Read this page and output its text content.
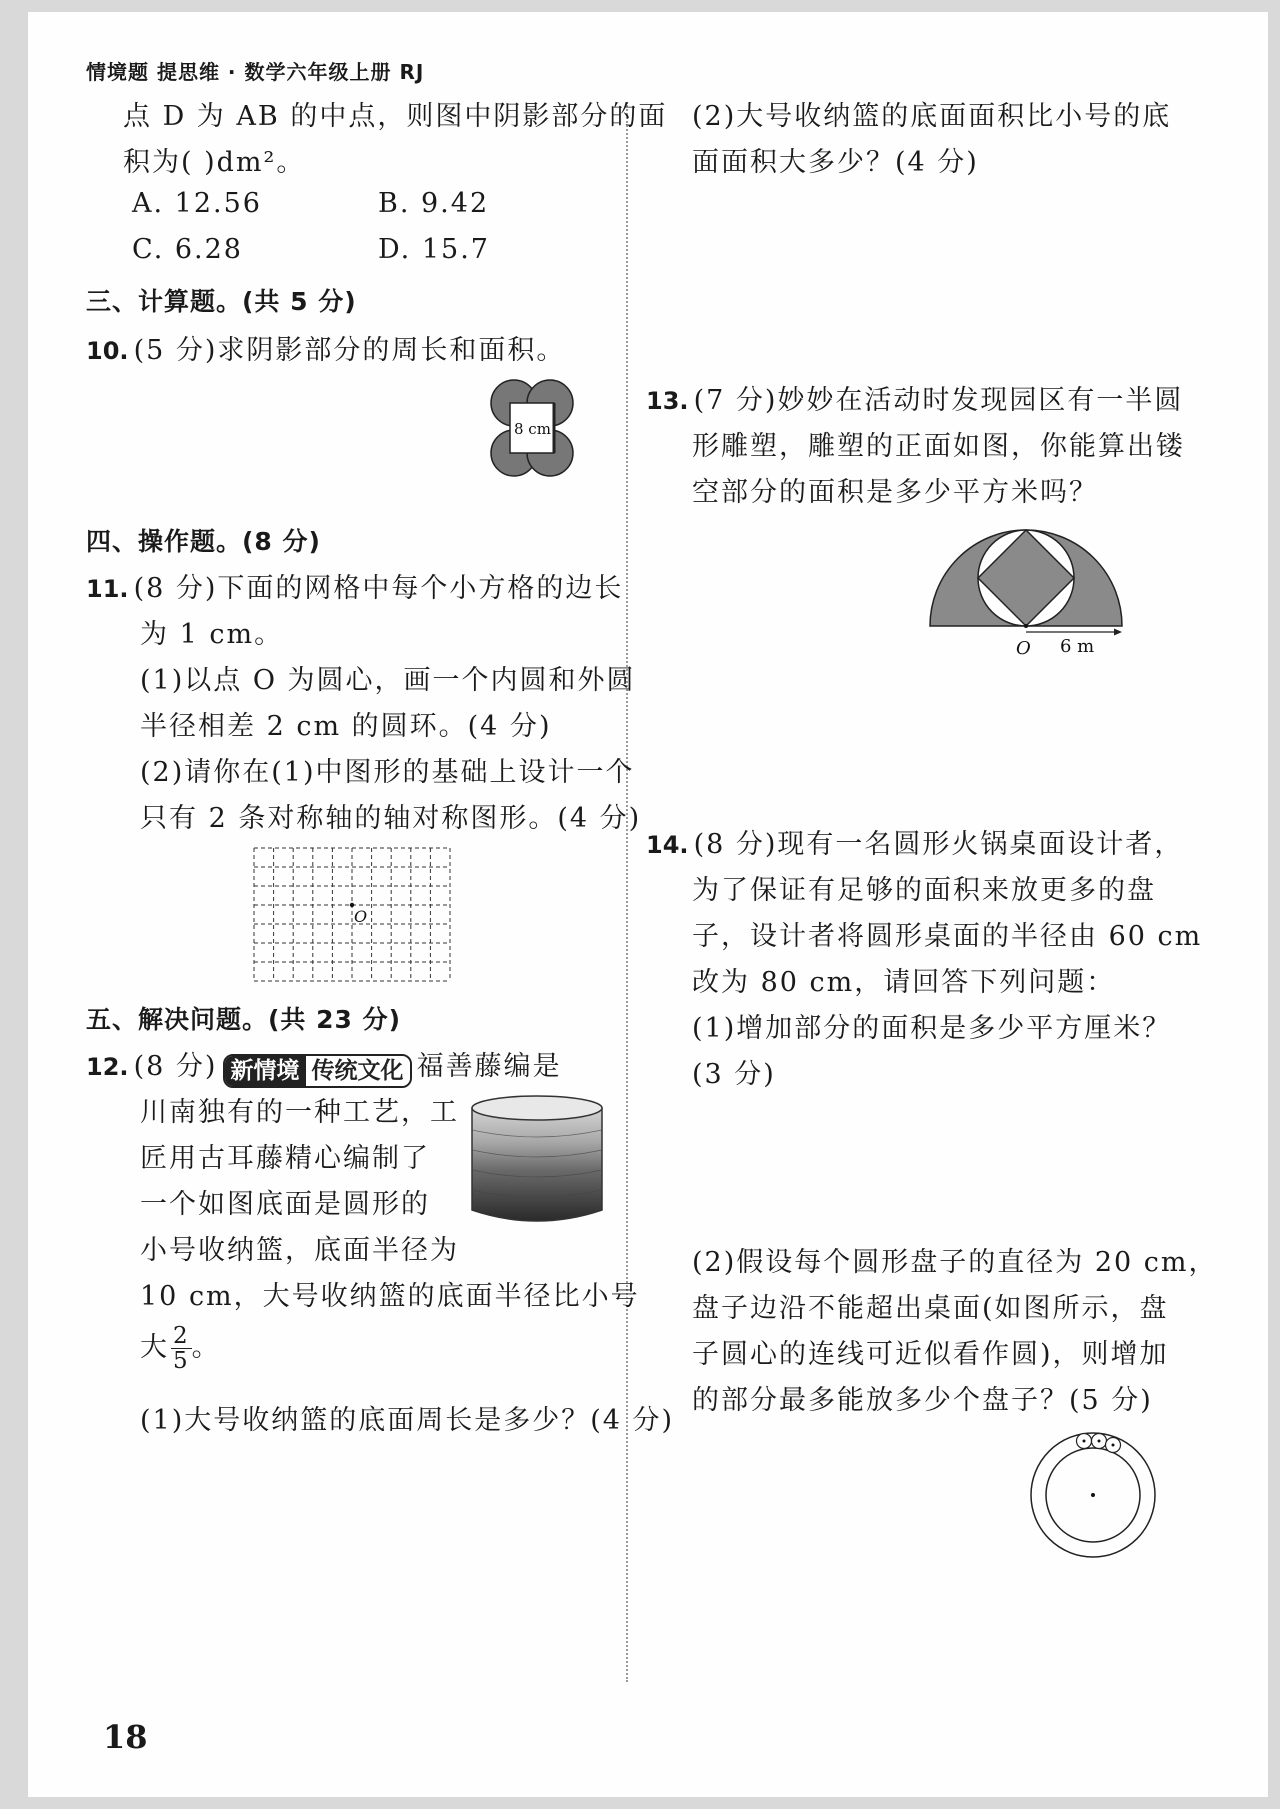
情境题 提思维 · 数学六年级上册 RJ
点 D 为 AB 的中点，则图中阴影部分的面
积为( )dm²。
A. 12.56	B. 9.42
C. 6.28	D. 15.7
三、计算题。(共 5 分)
10. (5 分)求阴影部分的周长和面积。
8 cm
四、操作题。(8 分)
11. (8 分)下面的网格中每个小方格的边长
为 1 cm。
(1)以点 O 为圆心，画一个内圆和外圆
半径相差 2 cm 的圆环。(4 分)
(2)请你在(1)中图形的基础上设计一个
只有 2 条对称轴的轴对称图形。(4 分)
O
五、解决问题。(共 23 分)
12. (8 分) 新情境 传统文化 福善藤编是
川南独有的一种工艺，工
匠用古耳藤精心编制了
一个如图底面是圆形的
小号收纳篮，底面半径为
10 cm，大号收纳篮的底面半径比小号
大 $\frac{2}{5}$ 。
(1)大号收纳篮的底面周长是多少？(4 分)
(2)大号收纳篮的底面面积比小号的底
面面积大多少？(4 分)
13. (7 分)妙妙在活动时发现园区有一半圆
形雕塑，雕塑的正面如图，你能算出镂
空部分的面积是多少平方米吗？
O 6 m
14. (8 分)现有一名圆形火锅桌面设计者，
为了保证有足够的面积来放更多的盘
子，设计者将圆形桌面的半径由 60 cm
改为 80 cm，请回答下列问题：
(1)增加部分的面积是多少平方厘米？
(3 分)
(2)假设每个圆形盘子的直径为 20 cm，
盘子边沿不能超出桌面(如图所示，盘
子圆心的连线可近似看作圆)，则增加
的部分最多能放多少个盘子？(5 分)
18
